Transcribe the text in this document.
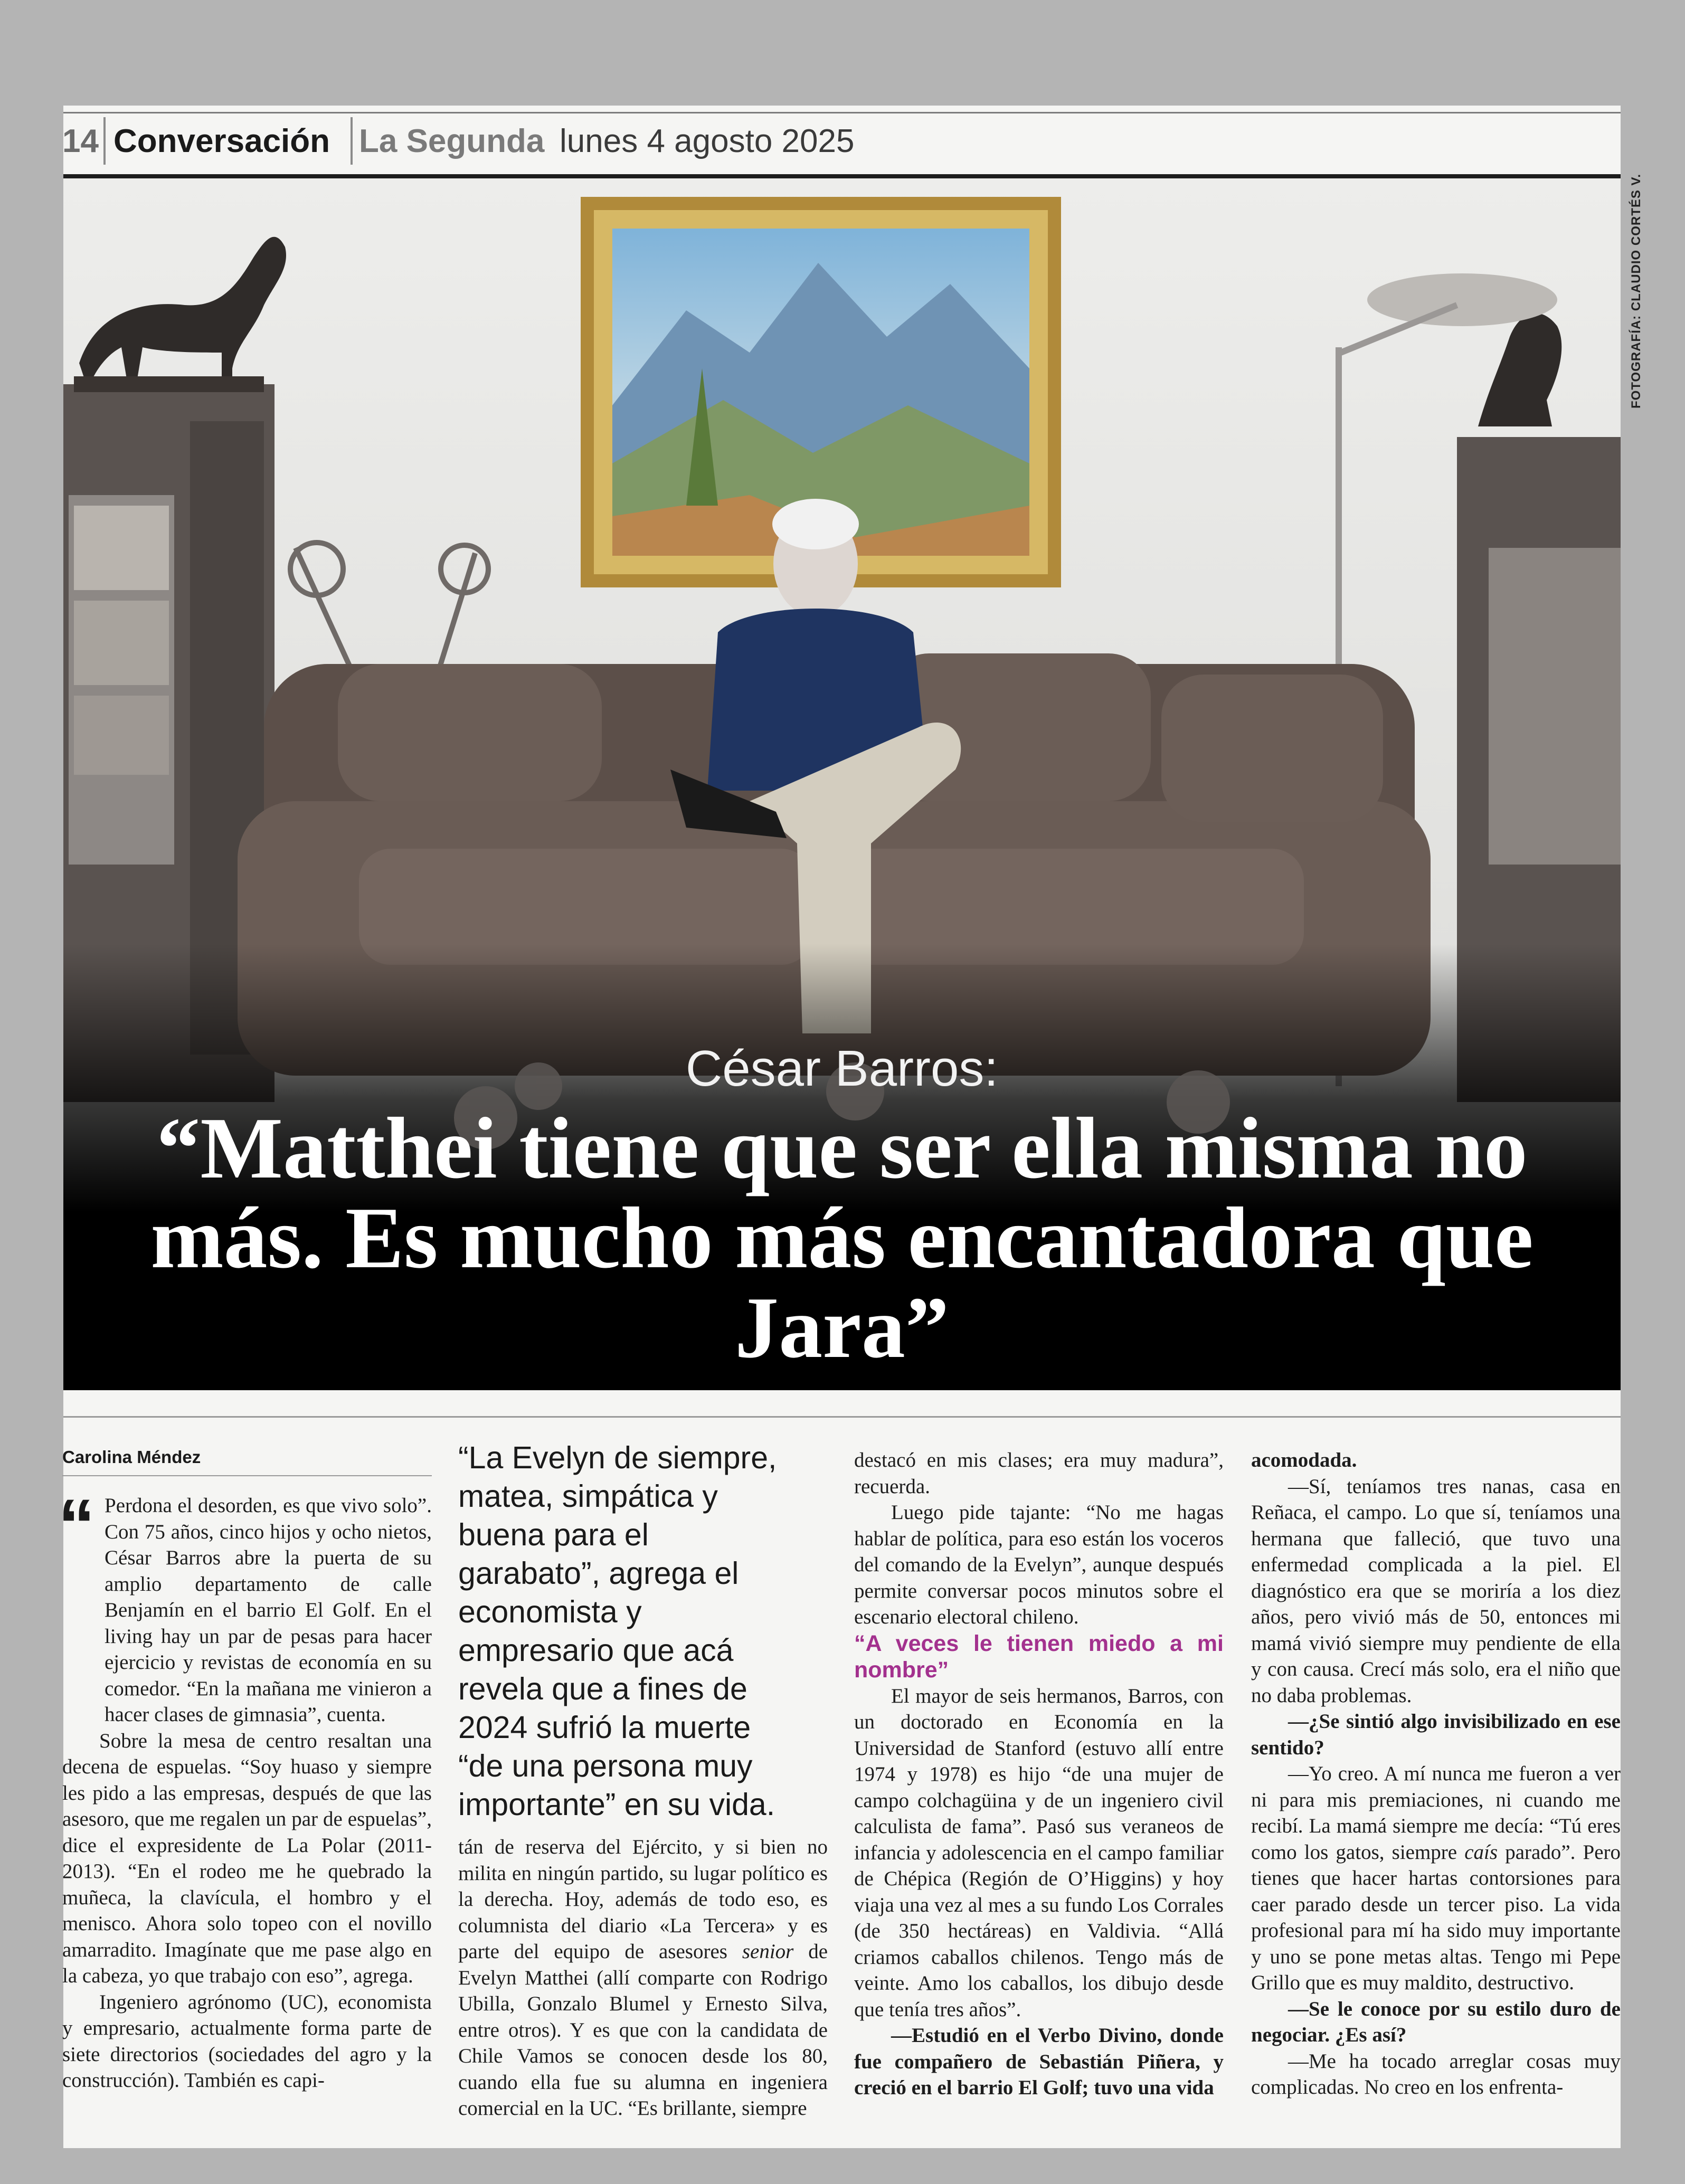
14 Conversación La Segunda lunes 4 agosto 2025
FOTOGRAFÍA: CLAUDIO CORTÉS V.
César Barros:
“Matthei tiene que ser ella misma no más. Es mucho más encantadora que Jara”
Carolina Méndez
“ Perdona el desorden, es que vivo solo”. Con 75 años, cinco hijos y ocho nietos, César Barros abre la puerta de su amplio departamento de calle Benjamín en el barrio El Golf. En el living hay un par de pesas para hacer ejercicio y revistas de economía en su comedor. “En la mañana me vinieron a hacer clases de gimnasia”, cuenta.

Sobre la mesa de centro resaltan una decena de espuelas. “Soy huaso y siempre les pido a las empresas, después de que las asesoro, que me regalen un par de espuelas”, dice el expresidente de La Polar (2011-2013). “En el rodeo me he quebrado la muñeca, la clavícula, el hombro y el menisco. Ahora solo topeo con el novillo amarradito. Imagínate que me pase algo en la cabeza, yo que trabajo con eso”, agrega.

Ingeniero agrónomo (UC), economista y empresario, actualmente forma parte de siete directorios (sociedades del agro y la construcción). También es capi-

“La Evelyn de siempre, matea, simpática y buena para el garabato”, agrega el economista y empresario que acá revela que a fines de 2024 sufrió la muerte “de una persona muy importante” en su vida.

tán de reserva del Ejército, y si bien no milita en ningún partido, su lugar político es la derecha. Hoy, además de todo eso, es columnista del diario «La Tercera» y es parte del equipo de asesores senior de Evelyn Matthei (allí comparte con Rodrigo Ubilla, Gonzalo Blumel y Ernesto Silva, entre otros). Y es que con la candidata de Chile Vamos se conocen desde los 80, cuando ella fue su alumna en ingeniera comercial en la UC. “Es brillante, siempre

destacó en mis clases; era muy madura”, recuerda.

Luego pide tajante: “No me hagas hablar de política, para eso están los voceros del comando de la Evelyn”, aunque después permite conversar pocos minutos sobre el escenario electoral chileno.

“A veces le tienen miedo a mi nombre”

El mayor de seis hermanos, Barros, con un doctorado en Economía en la Universidad de Stanford (estuvo allí entre 1974 y 1978) es hijo “de una mujer de campo colchagüina y de un ingeniero civil calculista de fama”. Pasó sus veraneos de infancia y adolescencia en el campo familiar de Chépica (Región de O’Higgins) y hoy viaja una vez al mes a su fundo Los Corrales (de 350 hectáreas) en Valdivia. “Allá criamos caballos chilenos. Tengo más de veinte. Amo los caballos, los dibujo desde que tenía tres años”.

—Estudió en el Verbo Divino, donde fue compañero de Sebastián Piñera, y creció en el barrio El Golf; tuvo una vida

acomodada.

—Sí, teníamos tres nanas, casa en Reñaca, el campo. Lo que sí, teníamos una hermana que falleció, que tuvo una enfermedad complicada a la piel. El diagnóstico era que se moriría a los diez años, pero vivió más de 50, entonces mi mamá vivió siempre muy pendiente de ella y con causa. Crecí más solo, era el niño que no daba problemas.

—¿Se sintió algo invisibilizado en ese sentido?

—Yo creo. A mí nunca me fueron a ver ni para mis premiaciones, ni cuando me recibí. La mamá siempre me decía: “Tú eres como los gatos, siempre caís parado”. Pero tienes que hacer hartas contorsiones para caer parado desde un tercer piso. La vida profesional para mí ha sido muy importante y uno se pone metas altas. Tengo mi Pepe Grillo que es muy maldito, destructivo.

—Se le conoce por su estilo duro de negociar. ¿Es así?

—Me ha tocado arreglar cosas muy complicadas. No creo en los enfrenta-
